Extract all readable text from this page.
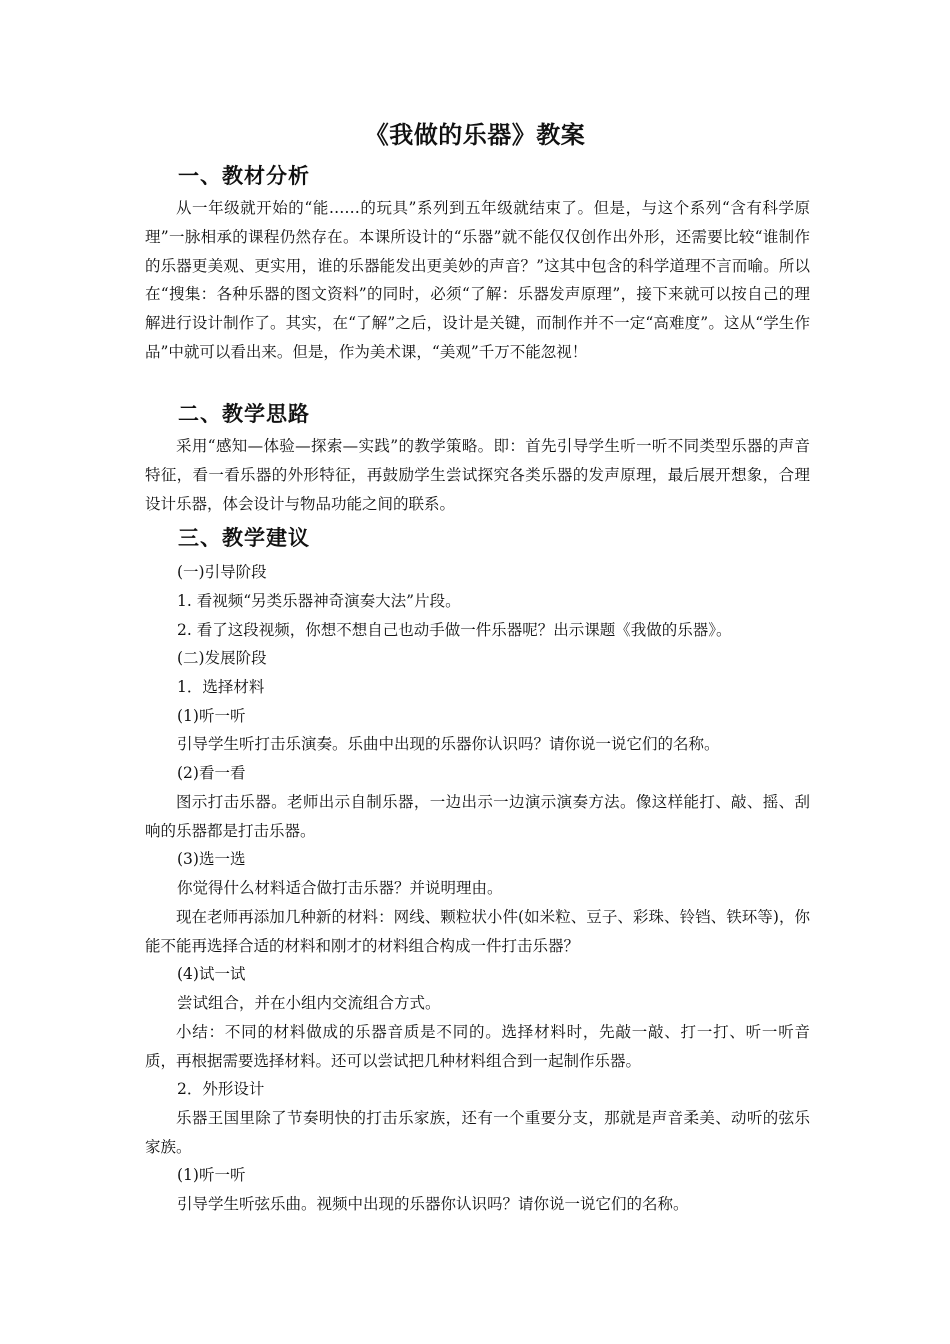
《我做的乐器》教案
一、教材分析

从一年级就开始的“能……的玩具”系列到五年级就结束了。但是，与这个系列“含有科学原理”一脉相承的课程仍然存在。本课所设计的“乐器”就不能仅仅创作出外形，还需要比较“谁制作的乐器更美观、更实用，谁的乐器能发出更美妙的声音？”这其中包含的科学道理不言而喻。所以在“搜集：各种乐器的图文资料”的同时，必须“了解：乐器发声原理”，接下来就可以按自己的理解进行设计制作了。其实，在“了解”之后，设计是关键，而制作并不一定“高难度”。这从“学生作品”中就可以看出来。但是，作为美术课，“美观”千万不能忽视！

二、教学思路

采用“感知—体验—探索—实践”的教学策略。即：首先引导学生听一听不同类型乐器的声音特征，看一看乐器的外形特征，再鼓励学生尝试探究各类乐器的发声原理，最后展开想象，合理设计乐器，体会设计与物品功能之间的联系。

三、教学建议
(一)引导阶段
1. 看视频“另类乐器神奇演奏大法”片段。
2. 看了这段视频，你想不想自己也动手做一件乐器呢？出示课题《我做的乐器》。
(二)发展阶段
1．选择材料
(1)听一听
引导学生听打击乐演奏。乐曲中出现的乐器你认识吗？请你说一说它们的名称。
(2)看一看

图示打击乐器。老师出示自制乐器，一边出示一边演示演奏方法。像这样能打、敲、摇、刮响的乐器都是打击乐器。

(3)选一选
你觉得什么材料适合做打击乐器？并说明理由。

现在老师再添加几种新的材料：网线、颗粒状小件(如米粒、豆子、彩珠、铃铛、铁环等)，你能不能再选择合适的材料和刚才的材料组合构成一件打击乐器？

(4)试一试
尝试组合，并在小组内交流组合方式。

小结：不同的材料做成的乐器音质是不同的。选择材料时，先敲一敲、打一打、听一听音质，再根据需要选择材料。还可以尝试把几种材料组合到一起制作乐器。

2．外形设计

乐器王国里除了节奏明快的打击乐家族，还有一个重要分支，那就是声音柔美、动听的弦乐家族。

(1)听一听
引导学生听弦乐曲。视频中出现的乐器你认识吗？请你说一说它们的名称。
